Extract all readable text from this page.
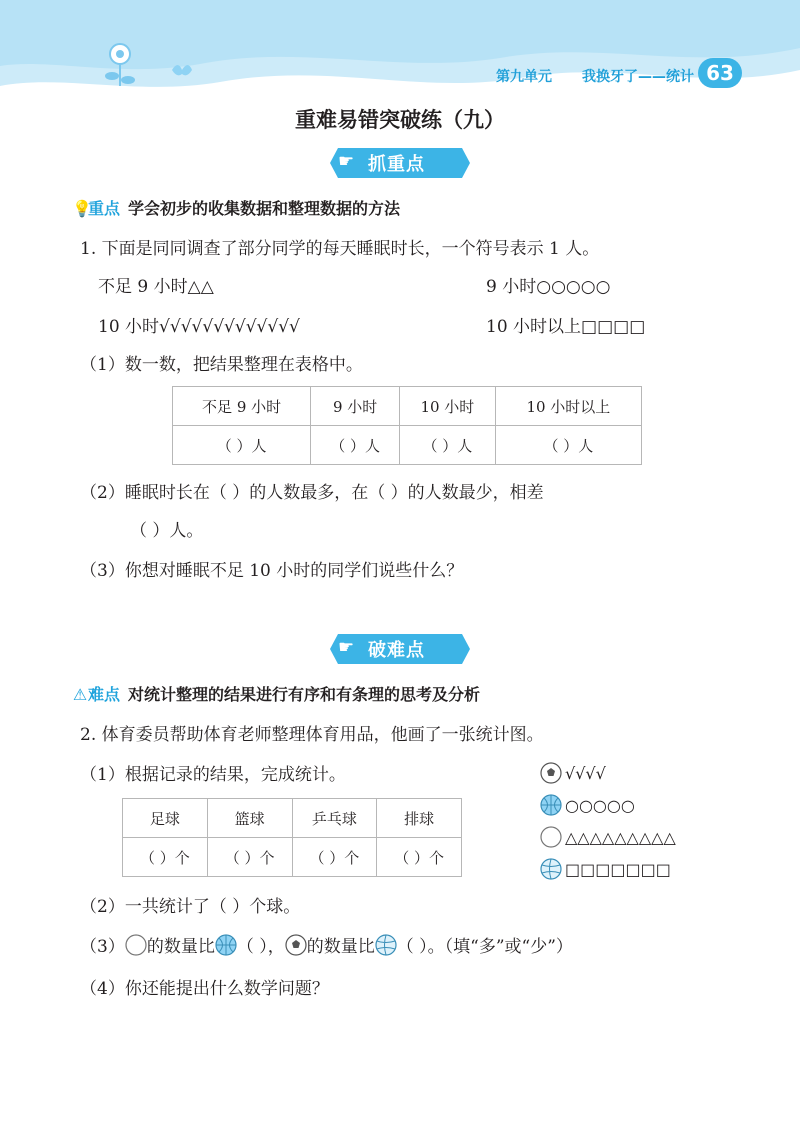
第九单元 我换牙了——统计 63
重难易错突破练（九）
☛ 抓重点
💡重点 学会初步的收集数据和整理数据的方法
1. 下面是同同调查了部分同学的每天睡眠时长，一个符号表示 1 人。
不足 9 小时△△	9 小时○○○○○
10 小时√√√√√√√√√√√√√	10 小时以上□□□□
（1）数一数，把结果整理在表格中。
不足 9 小时	9 小时	10 小时	10 小时以上
（ ）人	（ ）人	（ ）人	（ ）人
（2）睡眠时长在（ ）的人数最多，在（ ）的人数最少，相差
（ ）人。
（3）你想对睡眠不足 10 小时的同学们说些什么？
☛ 破难点
⚠难点 对统计整理的结果进行有序和有条理的思考及分析
2. 体育委员帮助体育老师整理体育用品，他画了一张统计图。
（1）根据记录的结果，完成统计。
足球	篮球	乒乓球	排球
（ ）个	（ ）个	（ ）个	（ ）个
√√√√
○○○○○
△△△△△△△△△
□□□□□□□
（2）一共统计了（ ）个球。
（3） 的数量比 （ ）， 的数量比 （ ）。（填“多”或“少”）
（4）你还能提出什么数学问题？
